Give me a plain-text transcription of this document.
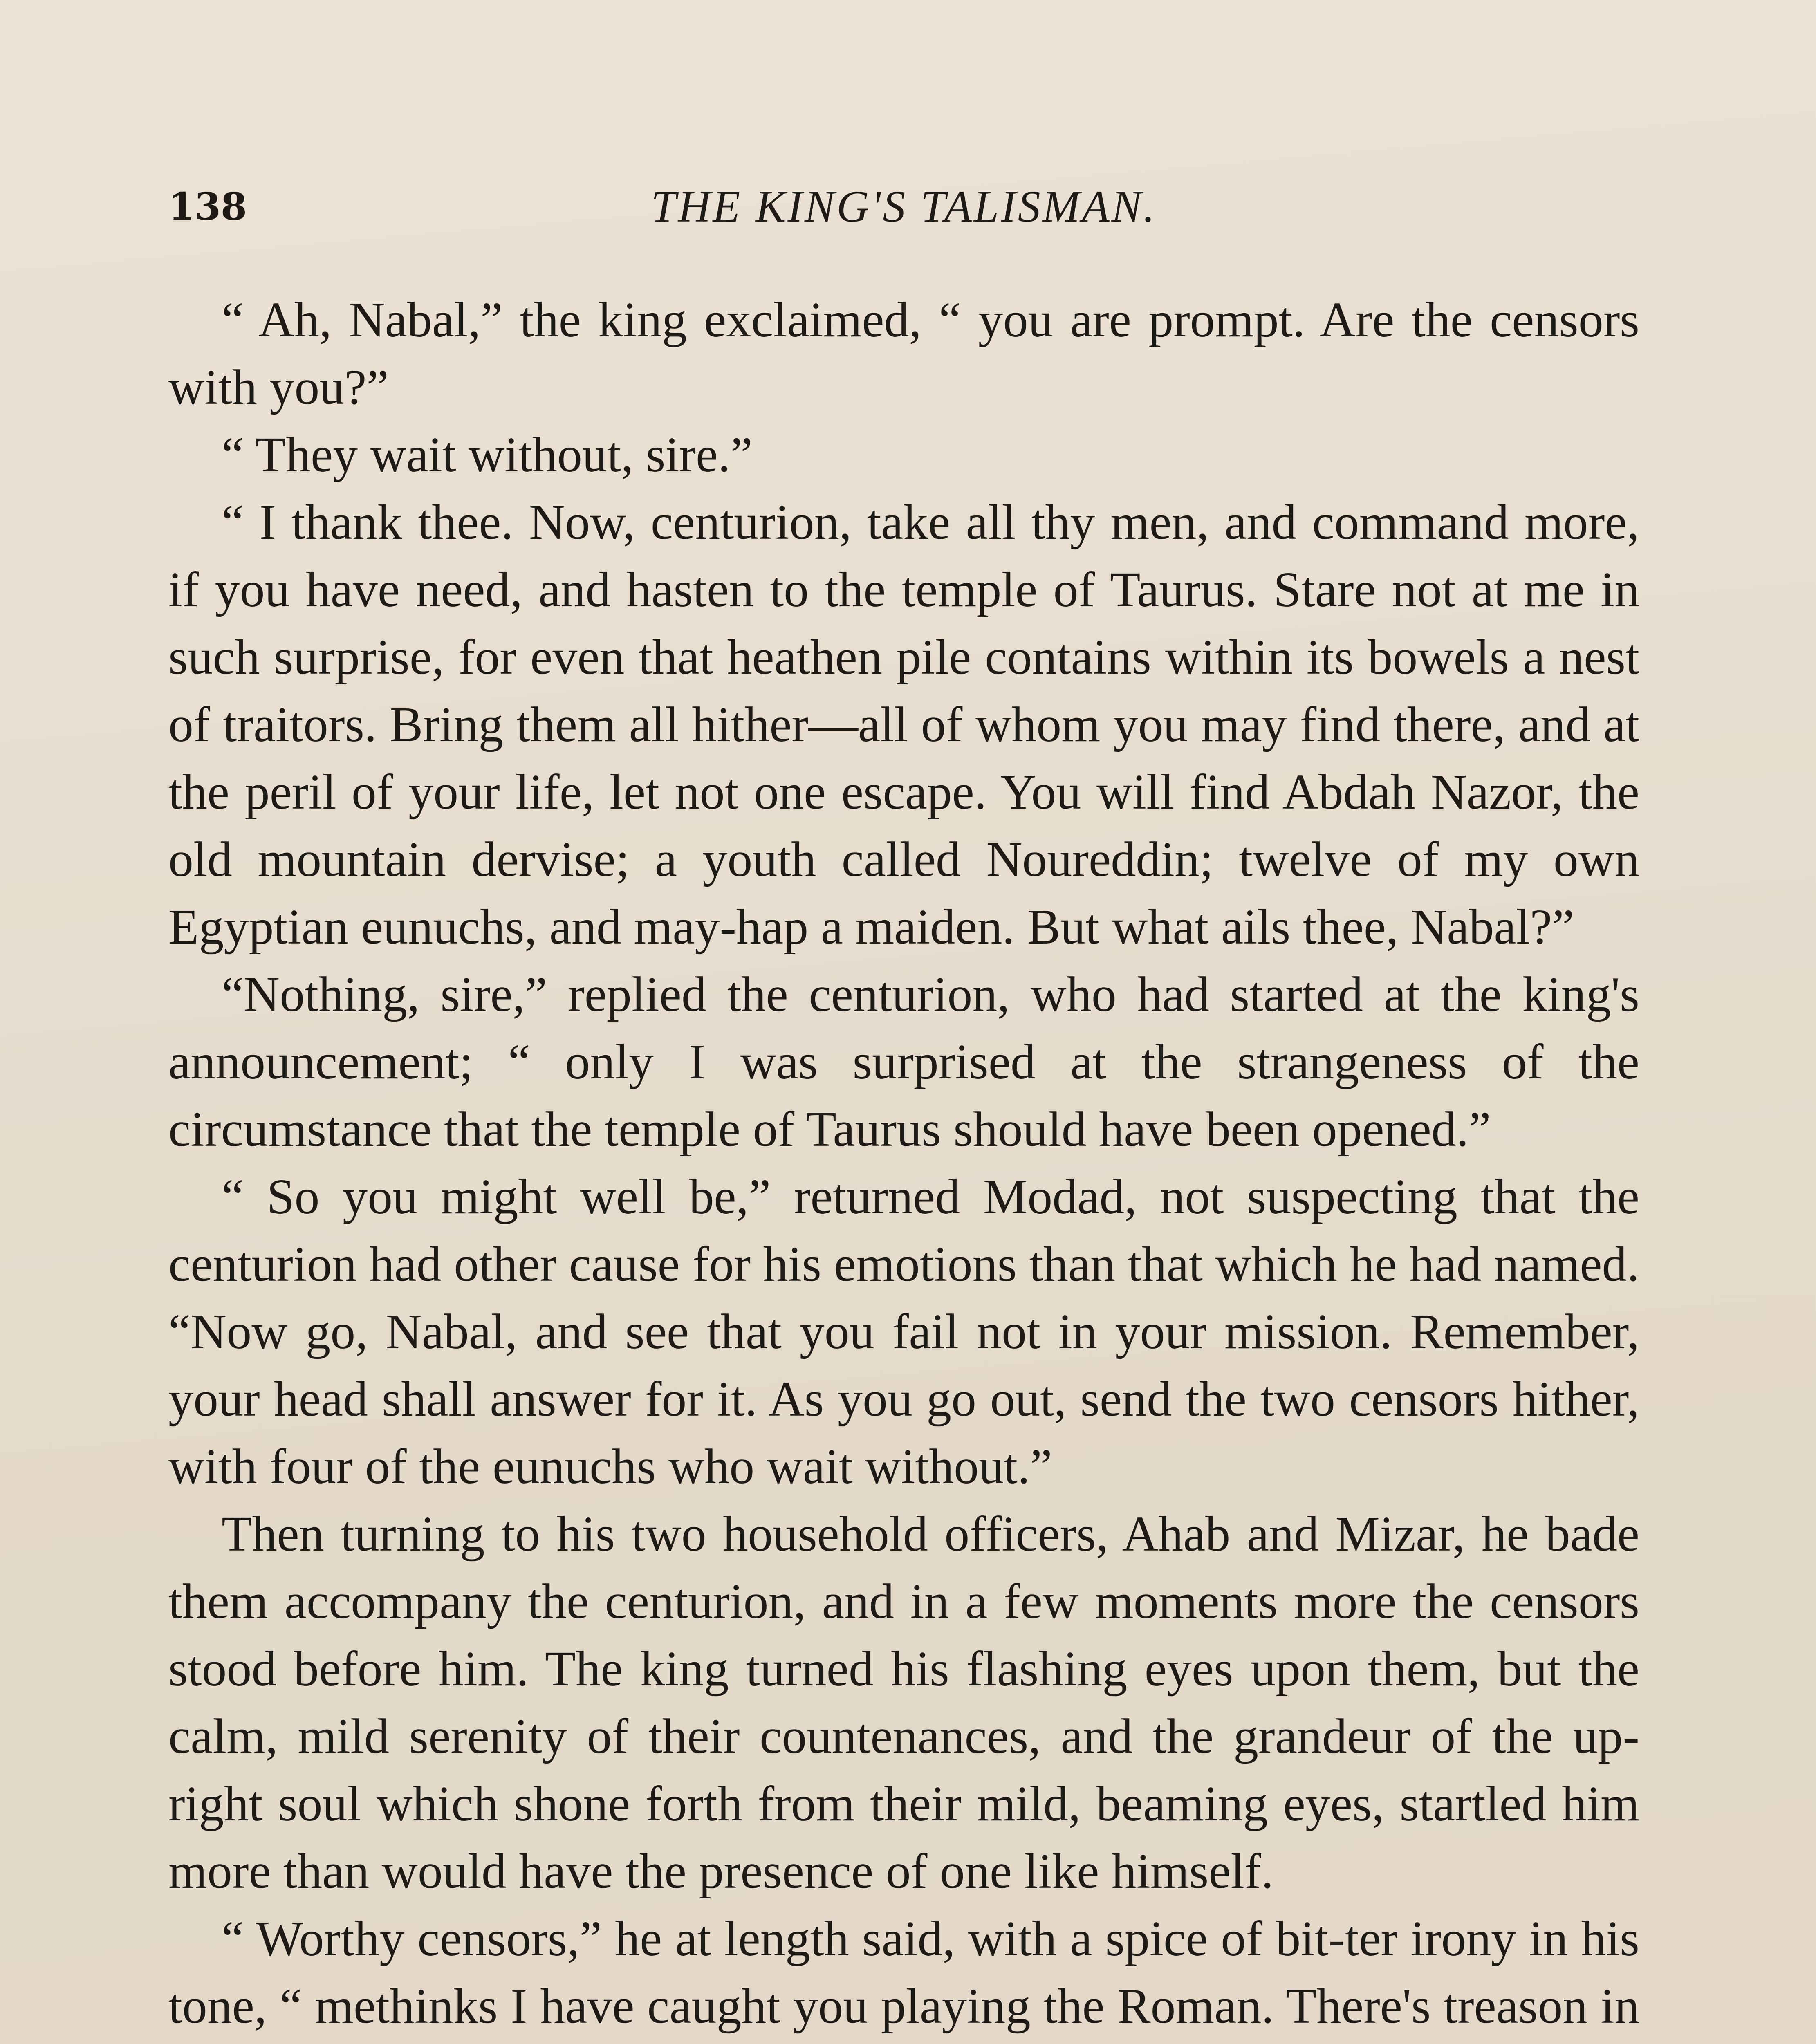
138	THE KING'S TALISMAN.

“ Ah, Nabal,” the king exclaimed, “ you are prompt. Are the censors with you?”

“ They wait without, sire.”

“ I thank thee. Now, centurion, take all thy men, and command more, if you have need, and hasten to the temple of Taurus. Stare not at me in such surprise, for even that heathen pile contains within its bowels a nest of traitors. Bring them all hither—all of whom you may find there, and at the peril of your life, let not one escape. You will find Abdah Nazor, the old mountain dervise; a youth called Noureddin; twelve of my own Egyptian eunuchs, and may-hap a maiden. But what ails thee, Nabal?”

“Nothing, sire,” replied the centurion, who had started at the king's announcement; “ only I was surprised at the strangeness of the circumstance that the temple of Taurus should have been opened.”

“ So you might well be,” returned Modad, not suspecting that the centurion had other cause for his emotions than that which he had named. “Now go, Nabal, and see that you fail not in your mission. Remember, your head shall answer for it. As you go out, send the two censors hither, with four of the eunuchs who wait without.”

Then turning to his two household officers, Ahab and Mizar, he bade them accompany the centurion, and in a few moments more the censors stood before him. The king turned his flashing eyes upon them, but the calm, mild serenity of their countenances, and the grandeur of the up-right soul which shone forth from their mild, beaming eyes, startled him more than would have the presence of one like himself.

“ Worthy censors,” he at length said, with a spice of bit-ter irony in his tone, “ methinks I have caught you playing the Roman. There's treason in
